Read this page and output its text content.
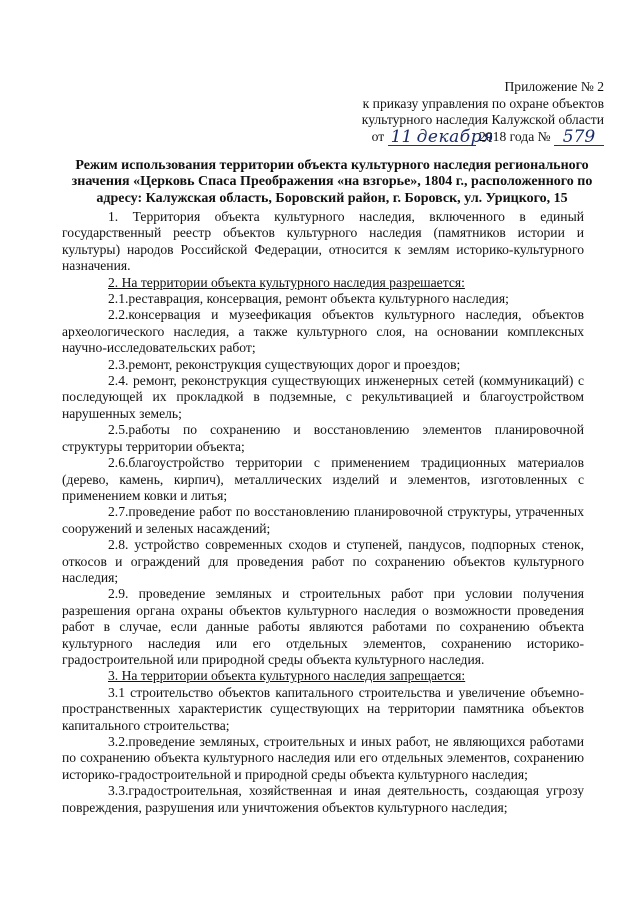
Приложение № 2
к приказу управления по охране объектов
культурного наследия Калужской области
от 11 декабря 2018 года № 579
Режим использования территории объекта культурного наследия регионального значения «Церковь Спаса Преображения «на взгорье», 1804 г., расположенного по адресу: Калужская область, Боровский район, г. Боровск, ул. Урицкого, 15

1. Территория объекта культурного наследия, включенного в единый государственный реестр объектов культурного наследия (памятников истории и культуры) народов Российской Федерации, относится к землям историко-культурного назначения.

2. На территории объекта культурного наследия разрешается:

2.1.реставрация, консервация, ремонт объекта культурного наследия;

2.2.консервация и музеефикация объектов культурного наследия, объектов археологического наследия, а также культурного слоя, на основании комплексных научно-исследовательских работ;

2.3.ремонт, реконструкция существующих дорог и проездов;

2.4. ремонт, реконструкция существующих инженерных сетей (коммуникаций) с последующей их прокладкой в подземные, с рекультивацией и благоустройством нарушенных земель;

2.5.работы по сохранению и восстановлению элементов планировочной структуры территории объекта;

2.6.благоустройство территории с применением традиционных материалов (дерево, камень, кирпич), металлических изделий и элементов, изготовленных с применением ковки и литья;

2.7.проведение работ по восстановлению планировочной структуры, утраченных сооружений и зеленых насаждений;

2.8. устройство современных сходов и ступеней, пандусов, подпорных стенок, откосов и ограждений для проведения работ по сохранению объектов культурного наследия;

2.9. проведение земляных и строительных работ при условии получения разрешения органа охраны объектов культурного наследия о возможности проведения работ в случае, если данные работы являются работами по сохранению объекта культурного наследия или его отдельных элементов, сохранению историко-градостроительной или природной среды объекта культурного наследия.

3. На территории объекта культурного наследия запрещается:

3.1 строительство объектов капитального строительства и увеличение объемно-пространственных характеристик существующих на территории памятника объектов капитального строительства;

3.2.проведение земляных, строительных и иных работ, не являющихся работами по сохранению объекта культурного наследия или его отдельных элементов, сохранению историко-градостроительной и природной среды объекта культурного наследия;

3.3.градостроительная, хозяйственная и иная деятельность, создающая угрозу повреждения, разрушения или уничтожения объектов культурного наследия;
